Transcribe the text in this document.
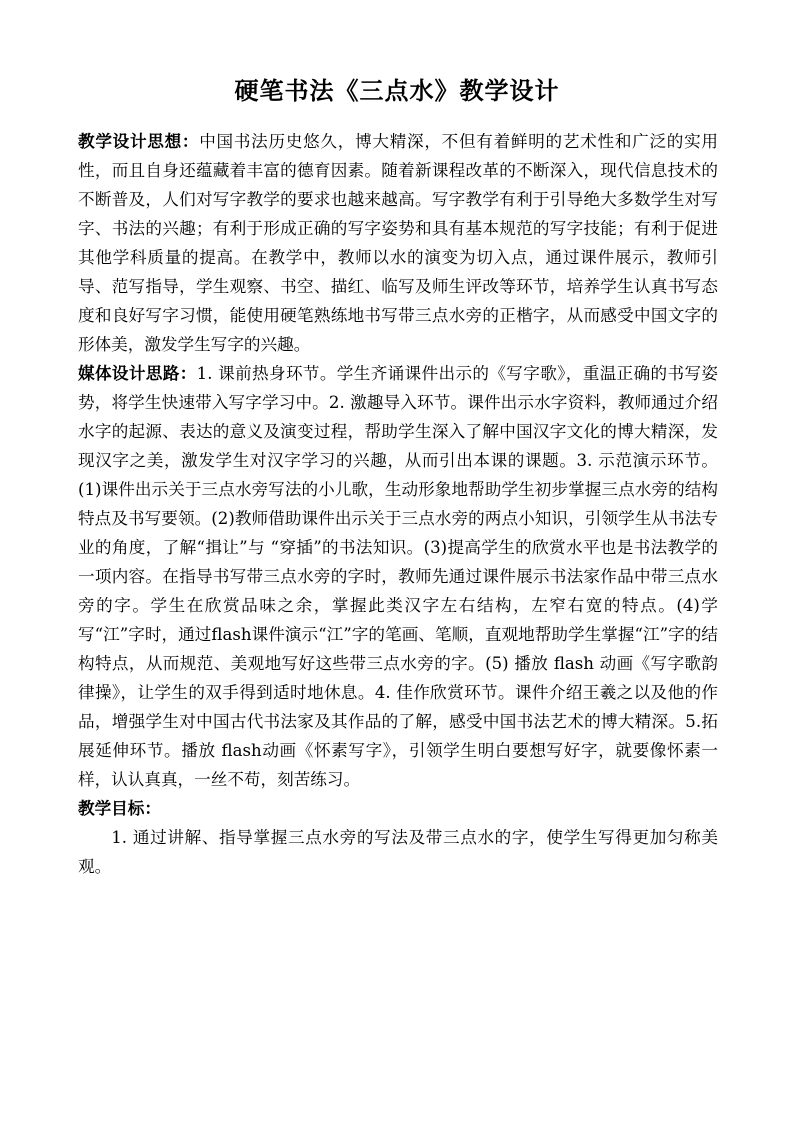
硬笔书法《三点水》教学设计

教学设计思想：中国书法历史悠久，博大精深，不但有着鲜明的艺术性和广泛的实用性，而且自身还蕴藏着丰富的德育因素。随着新课程改革的不断深入，现代信息技术的不断普及，人们对写字教学的要求也越来越高。写字教学有利于引导绝大多数学生对写字、书法的兴趣；有利于形成正确的写字姿势和具有基本规范的写字技能；有利于促进其他学科质量的提高。在教学中，教师以水的演变为切入点，通过课件展示，教师引导、范写指导，学生观察、书空、描红、临写及师生评改等环节，培养学生认真书写态度和良好写字习惯，能使用硬笔熟练地书写带三点水旁的正楷字，从而感受中国文字的形体美，激发学生写字的兴趣。

媒体设计思路：1. 课前热身环节。学生齐诵课件出示的《写字歌》，重温正确的书写姿势，将学生快速带入写字学习中。2. 激趣导入环节。课件出示水字资料，教师通过介绍水字的起源、表达的意义及演变过程，帮助学生深入了解中国汉字文化的博大精深，发现汉字之美，激发学生对汉字学习的兴趣，从而引出本课的课题。3. 示范演示环节。(1)课件出示关于三点水旁写法的小儿歌，生动形象地帮助学生初步掌握三点水旁的结构特点及书写要领。(2)教师借助课件出示关于三点水旁的两点小知识，引领学生从书法专业的角度，了解“揖让”与 “穿插”的书法知识。(3)提高学生的欣赏水平也是书法教学的一项内容。在指导书写带三点水旁的字时，教师先通过课件展示书法家作品中带三点水旁的字。学生在欣赏品味之余，掌握此类汉字左右结构，左窄右宽的特点。(4)学写“江”字时，通过flash课件演示“江”字的笔画、笔顺，直观地帮助学生掌握“江”字的结构特点，从而规范、美观地写好这些带三点水旁的字。(5) 播放 flash 动画《写字歌韵律操》，让学生的双手得到适时地休息。4. 佳作欣赏环节。课件介绍王羲之以及他的作品，增强学生对中国古代书法家及其作品的了解，感受中国书法艺术的博大精深。5.拓展延伸环节。播放 flash动画《怀素写字》，引领学生明白要想写好字，就要像怀素一样，认认真真，一丝不苟，刻苦练习。

教学目标：

1. 通过讲解、指导掌握三点水旁的写法及带三点水的字，使学生写得更加匀称美观。
